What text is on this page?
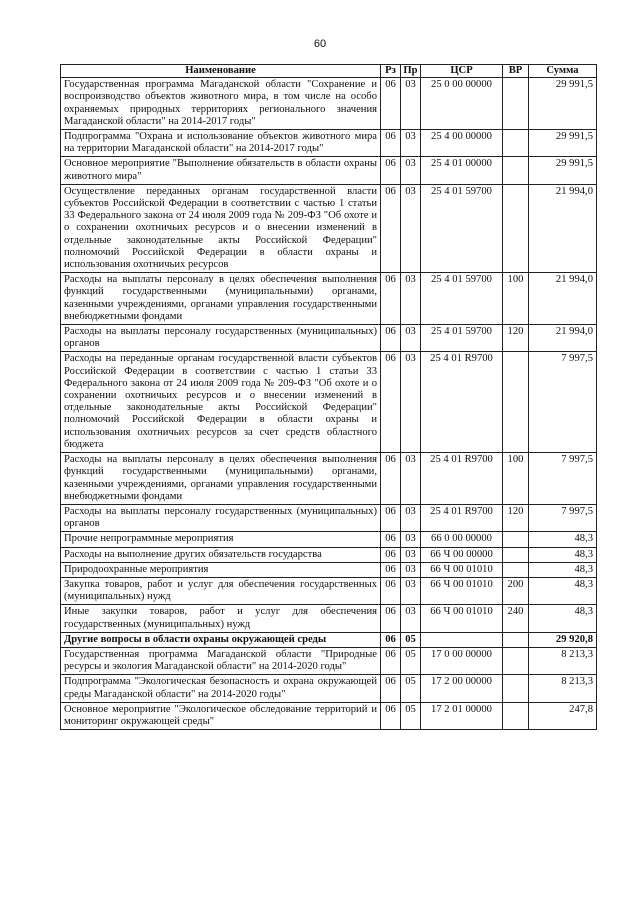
60
Наименование	Рз	Пр	ЦСР	ВР	Сумма
Государственная программа Магаданской области "Сохранение и воспроизводство объектов животного мира, в том числе на особо охраняемых природных территориях регионального значения Магаданской области" на 2014-2017 годы"	06	03	25 0 00 00000		29 991,5
Подпрограмма "Охрана и использование объектов животного мира на территории Магаданской области" на 2014-2017 годы"	06	03	25 4 00 00000		29 991,5
Основное мероприятие "Выполнение обязательств в области охраны животного мира"	06	03	25 4 01 00000		29 991,5
Осуществление переданных органам государственной власти субъектов Российской Федерации в соответствии с частью 1 статьи 33 Федерального закона от 24 июля 2009 года № 209-ФЗ "Об охоте и о сохранении охотничьих ресурсов и о внесении изменений в отдельные законодательные акты Российской Федерации" полномочий Российской Федерации в области охраны и использования охотничьих ресурсов	06	03	25 4 01 59700		21 994,0
Расходы на выплаты персоналу в целях обеспечения выполнения функций государственными (муниципальными) органами, казенными учреждениями, органами управления государственными внебюджетными фондами	06	03	25 4 01 59700	100	21 994,0
Расходы на выплаты персоналу государственных (муниципальных) органов	06	03	25 4 01 59700	120	21 994,0
Расходы на переданные органам государственной власти субъектов Российской Федерации в соответствии с частью 1 статьи 33 Федерального закона от 24 июля 2009 года № 209-ФЗ "Об охоте и о сохранении охотничьих ресурсов и о внесении изменений в отдельные законодательные акты Российской Федерации" полномочий Российской Федерации в области охраны и использования охотничьих ресурсов за счет средств областного бюджета	06	03	25 4 01 R9700		7 997,5
Расходы на выплаты персоналу в целях обеспечения выполнения функций государственными (муниципальными) органами, казенными учреждениями, органами управления государственными внебюджетными фондами	06	03	25 4 01 R9700	100	7 997,5
Расходы на выплаты персоналу государственных (муниципальных) органов	06	03	25 4 01 R9700	120	7 997,5
Прочие непрограммные мероприятия	06	03	66 0 00 00000		48,3
Расходы на выполнение других обязательств государства	06	03	66 Ч 00 00000		48,3
Природоохранные мероприятия	06	03	66 Ч 00 01010		48,3
Закупка товаров, работ и услуг для обеспечения государственных (муниципальных) нужд	06	03	66 Ч 00 01010	200	48,3
Иные закупки товаров, работ и услуг для обеспечения государственных (муниципальных) нужд	06	03	66 Ч 00 01010	240	48,3
Другие вопросы в области охраны окружающей среды	06	05			29 920,8
Государственная программа Магаданской области "Природные ресурсы и экология Магаданской области" на 2014-2020 годы"	06	05	17 0 00 00000		8 213,3
Подпрограмма "Экологическая безопасность и охрана окружающей среды Магаданской области" на 2014-2020 годы"	06	05	17 2 00 00000		8 213,3
Основное мероприятие "Экологическое обследование территорий и мониторинг окружающей среды"	06	05	17 2 01 00000		247,8
